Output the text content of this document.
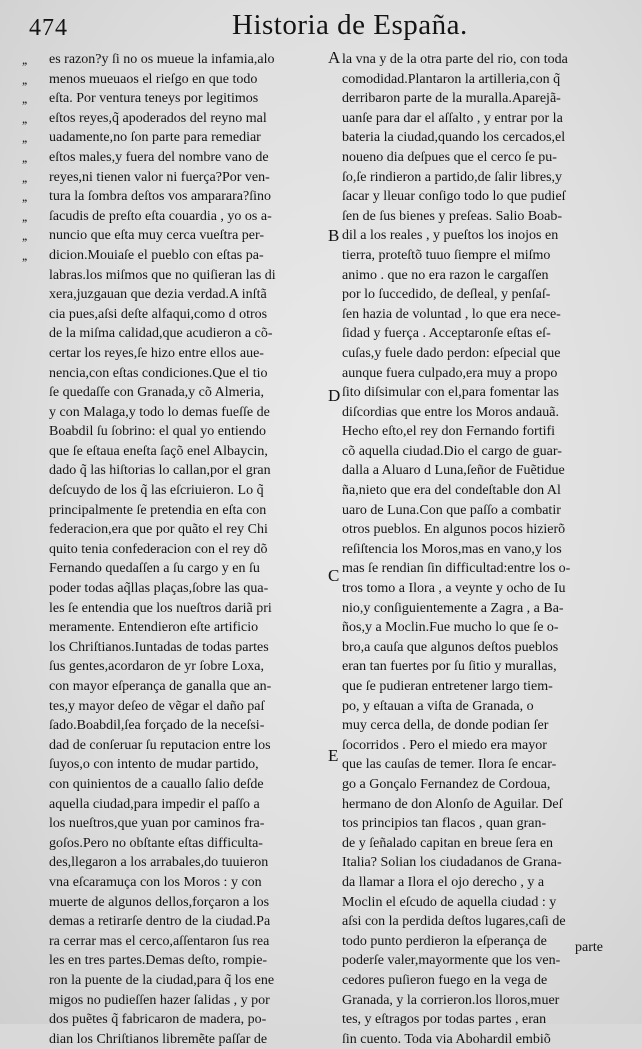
474	Historia de España.
,, es razon?y ſi no os mueue la infamia,alo
,, menos mueuaos el rieſgo en que todo
,, eſta. Por ventura teneys por legitimos
,, eſtos reyes,q̃ apoderados del reyno mal
,, uadamente,no ſon parte para remediar
,, eſtos males,y fuera del nombre vano de
,, reyes,ni tienen valor ni fuerça?Por ven-
,, tura la ſombra deſtos vos amparara?ſino
,, ſacudis de preſto eſta couardia , yo os a-
,, nuncio que eſta muy cerca vueſtra per-
,, dicion.Mouiaſe el pueblo con eſtas pa-
labras.los miſmos que no quiſieran las di
xera,juzgauan que dezia verdad.A inſtã
cia pues,aſsi deſte alfaqui,como d otros
de la miſma calidad,que acudieron a cõ-
certar los reyes,ſe hizo entre ellos aue-
nencia,con eſtas condiciones.Que el tio
ſe quedaſſe con Granada,y cõ Almeria,
y con Malaga,y todo lo demas fueſſe de
Boabdil ſu ſobrino: el qual yo entiendo
que ſe eſtaua eneſta ſaçõ enel Albaycin,
dado q̃ las hiſtorias lo callan,por el gran
deſcuydo de los q̃ las eſcriuieron. Lo q̃
principalmente ſe pretendia en eſta con
federacion,era que por quãto el rey Chi
quito tenia confederacion con el rey dõ
Fernando quedaſſen a ſu cargo y en ſu
poder todas aq̃llas plaças,ſobre las qua-
les ſe entendia que los nueſtros dariã pri
meramente. Entendieron eſte artificio
los Chriſtianos.Iuntadas de todas partes
ſus gentes,acordaron de yr ſobre Loxa,
con mayor eſperança de ganalla que an-
tes,y mayor deſeo de vẽgar el daño paſ
ſado.Boabdil,ſea forçado de la neceſsi-
dad de conſeruar ſu reputacion entre los
ſuyos,o con intento de mudar partido,
con quinientos de a cauallo ſalio deſde
aquella ciudad,para impedir el paſſo a
los nueſtros,que yuan por caminos fra-
goſos.Pero no obſtante eſtas difficulta-
des,llegaron a los arrabales,do tuuieron
vna eſcaramuça con los Moros : y con
muerte de algunos dellos,forçaron a los
demas a retirarſe dentro de la ciudad.Pa
ra cerrar mas el cerco,aſſentaron ſus rea
les en tres partes.Demas deſto, rompie-
ron la puente de la ciudad,para q̃ los ene
migos no pudieſſen hazer ſalidas , y por
dos puẽtes q̃ fabricaron de madera, po-
dian los Chriſtianos libremẽte paſſar de
la vna y de la otra parte del rio, con toda
comodidad.Plantaron la artilleria,con q̃
derribaron parte de la muralla.Aparejã-
uanſe para dar el aſſalto , y entrar por la
bateria la ciudad,quando los cercados,el
noueno dia deſpues que el cerco ſe pu-
ſo,ſe rindieron a partido,de ſalir libres,y
ſacar y lleuar conſigo todo lo que pudieſ
ſen de ſus bienes y preſeas. Salio Boab-
dil a los reales , y pueſtos los inojos en
tierra, proteſtõ tuuo ſiempre el miſmo
animo . que no era razon le cargaſſen
por lo ſuccedido, de deſleal, y penſaſ-
ſen hazia de voluntad , lo que era nece-
ſidad y fuerça . Acceptaronſe eſtas eſ-
cuſas,y fuele dado perdon: eſpecial que
aunque fuera culpado,era muy a propo
ſito diſsimular con el,para fomentar las
diſcordias que entre los Moros andauã.
Hecho eſto,el rey don Fernando fortifi
cõ aquella ciudad.Dio el cargo de guar-
dalla a Aluaro d Luna,ſeñor de Fuẽtidue
ña,nieto que era del condeſtable don Al
uaro de Luna.Con que paſſo a combatir
otros pueblos. En algunos pocos hizierõ
reſiſtencia los Moros,mas en vano,y los
mas ſe rendian ſin difficultad:entre los o-
tros tomo a Ilora , a veynte y ocho de Iu
nio,y conſiguientemente a Zagra , a Ba-
ños,y a Moclin.Fue mucho lo que ſe o-
bro,a cauſa que algunos deſtos pueblos
eran tan fuertes por ſu ſitio y murallas,
que ſe pudieran entretener largo tiem-
po, y eſtauan a viſta de Granada, o
muy cerca della, de donde podian ſer
ſocorridos . Pero el miedo era mayor
que las cauſas de temer. Ilora ſe encar-
go a Gonçalo Fernandez de Cordoua,
hermano de don Alonſo de Aguilar. Deſ
tos principios tan flacos , quan gran-
de y ſeñalado capitan en breue ſera en
Italia? Solian los ciudadanos de Grana-
da llamar a Ilora el ojo derecho , y a
Moclin el eſcudo de aquella ciudad : y
aſsi con la perdida deſtos lugares,caſi de
todo punto perdieron la eſperança de
poderſe valer,mayormente que los ven-
cedores puſieron fuego en la vega de
Granada, y la corrieron.los lloros,muer
tes, y eſtragos por todas partes , eran
ſin cuento. Toda via Abohardil embiõ
A
B
D
C
E
parte
